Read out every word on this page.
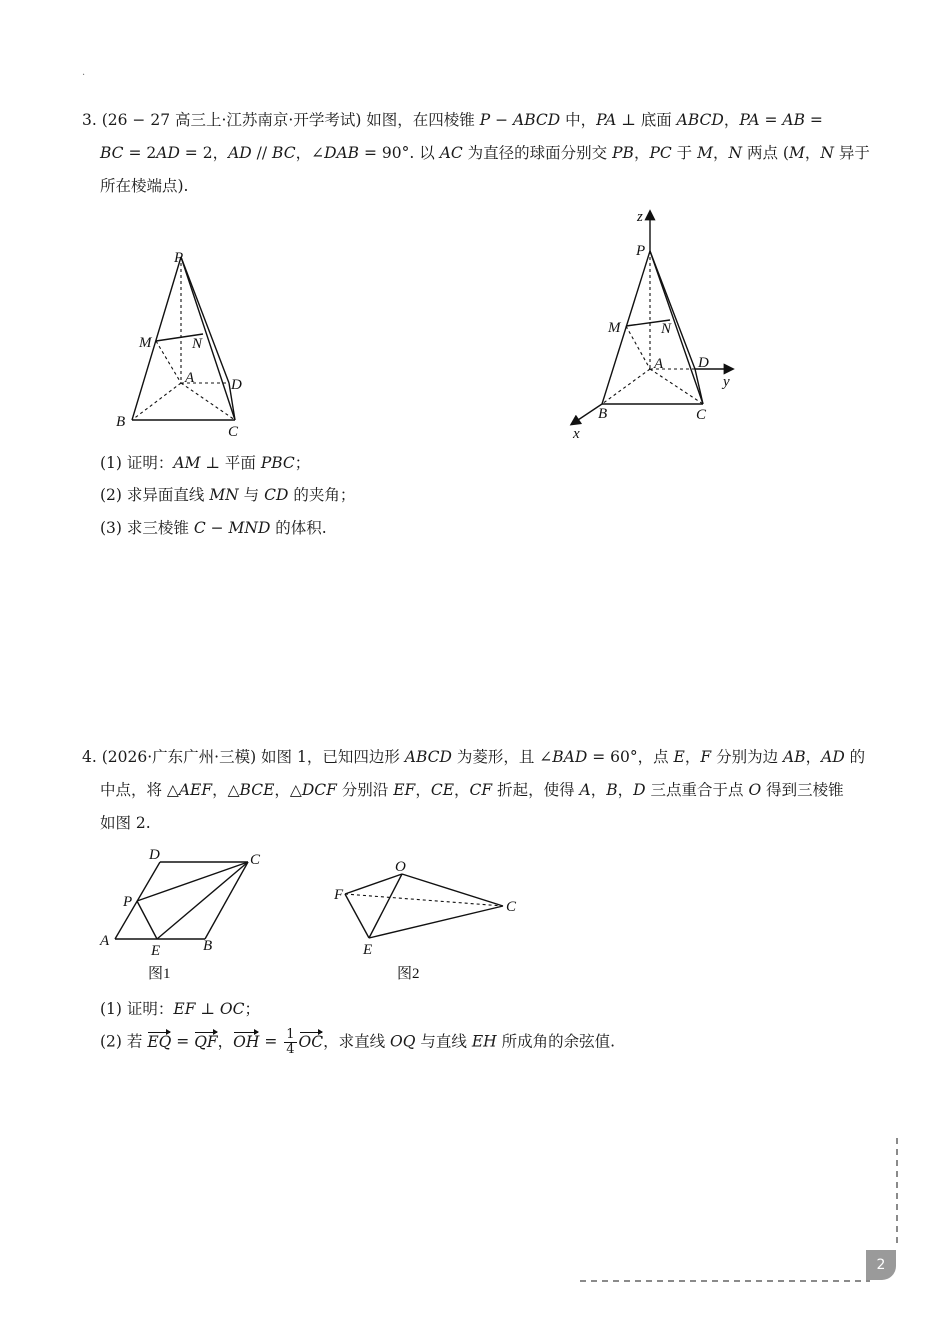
·
3. (26 − 27 高三上·江苏南京·开学考试) 如图，在四棱锥 P − ABCD 中，PA ⊥ 底面 ABCD，PA = AB =
BC = 2AD = 2，AD // BC，∠DAB = 90°. 以 AC 为直径的球面分别交 PB，PC 于 M，N 两点 (M，N 异于
所在棱端点).
P
M	N
A D
B
C
z
P
M	N
A D
y
B	C
x
(1) 证明：AM ⊥ 平面 PBC；
(2) 求异面直线 MN 与 CD 的夹角；
(3) 求三棱锥 C − MND 的体积.
4. (2026·广东广州·三模) 如图 1，已知四边形 ABCD 为菱形，且 ∠BAD = 60°，点 E，F 分别为边 AB，AD 的
中点，将 △AEF，△BCE，△DCF 分别沿 EF，CE，CF 折起，使得 A，B，D 三点重合于点 O 得到三棱锥
如图 2.
D	C
P
A
E	B
图1
O
F
C
E
图2
(1) 证明：EF ⊥ OC；
(2) 若 EQ = QF，OH = $\frac{1}{4}$ OC，求直线 OQ 与直线 EH 所成角的余弦值.
2
